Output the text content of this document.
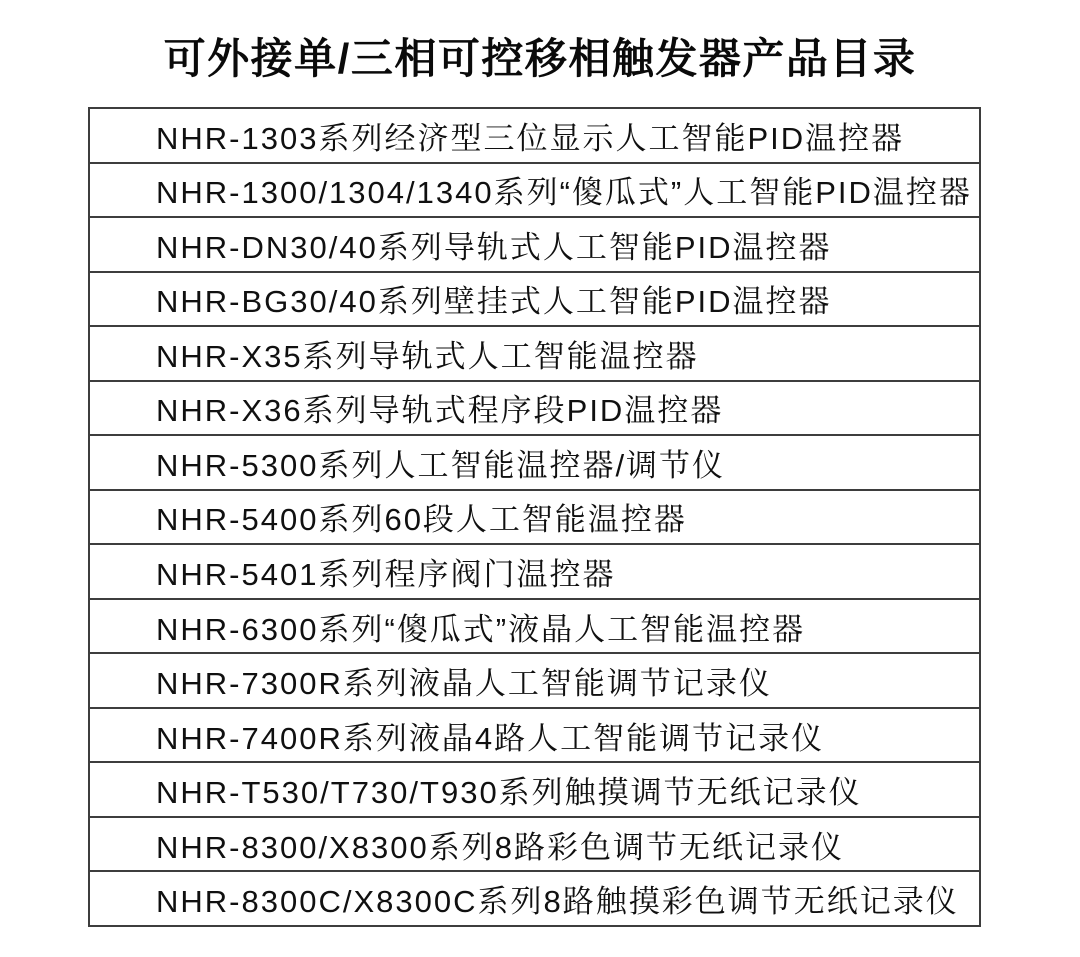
可外接单/三相可控移相触发器产品目录
NHR-1303系列经济型三位显示人工智能PID温控器
NHR-1300/1304/1340系列“傻瓜式”人工智能PID温控器
NHR-DN30/40系列导轨式人工智能PID温控器
NHR-BG30/40系列壁挂式人工智能PID温控器
NHR-X35系列导轨式人工智能温控器
NHR-X36系列导轨式程序段PID温控器
NHR-5300系列人工智能温控器/调节仪
NHR-5400系列60段人工智能温控器
NHR-5401系列程序阀门温控器
NHR-6300系列“傻瓜式”液晶人工智能温控器
NHR-7300R系列液晶人工智能调节记录仪
NHR-7400R系列液晶4路人工智能调节记录仪
NHR-T530/T730/T930系列触摸调节无纸记录仪
NHR-8300/X8300系列8路彩色调节无纸记录仪
NHR-8300C/X8300C系列8路触摸彩色调节无纸记录仪
